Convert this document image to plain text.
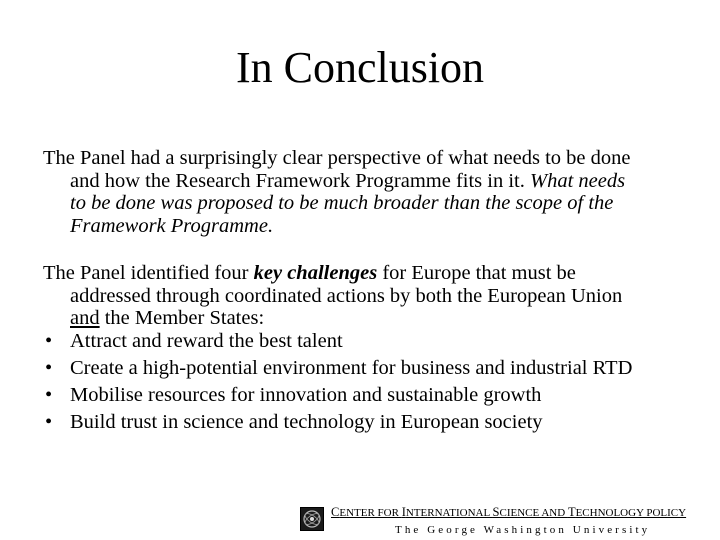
In Conclusion
The Panel had a surprisingly clear perspective of what needs to be done
and how the Research Framework Programme fits in it. What needs
to be done was proposed to be much broader than the scope of the
Framework Programme.
The Panel identified four key challenges for Europe that must be
addressed through coordinated actions by both the European Union
and the Member States:
• Attract and reward the best talent
• Create a high-potential environment for business and industrial RTD
• Mobilise resources for innovation and sustainable growth
• Build trust in science and technology in European society
CENTER FOR INTERNATIONAL SCIENCE AND TECHNOLOGY POLICY
The George Washington University
